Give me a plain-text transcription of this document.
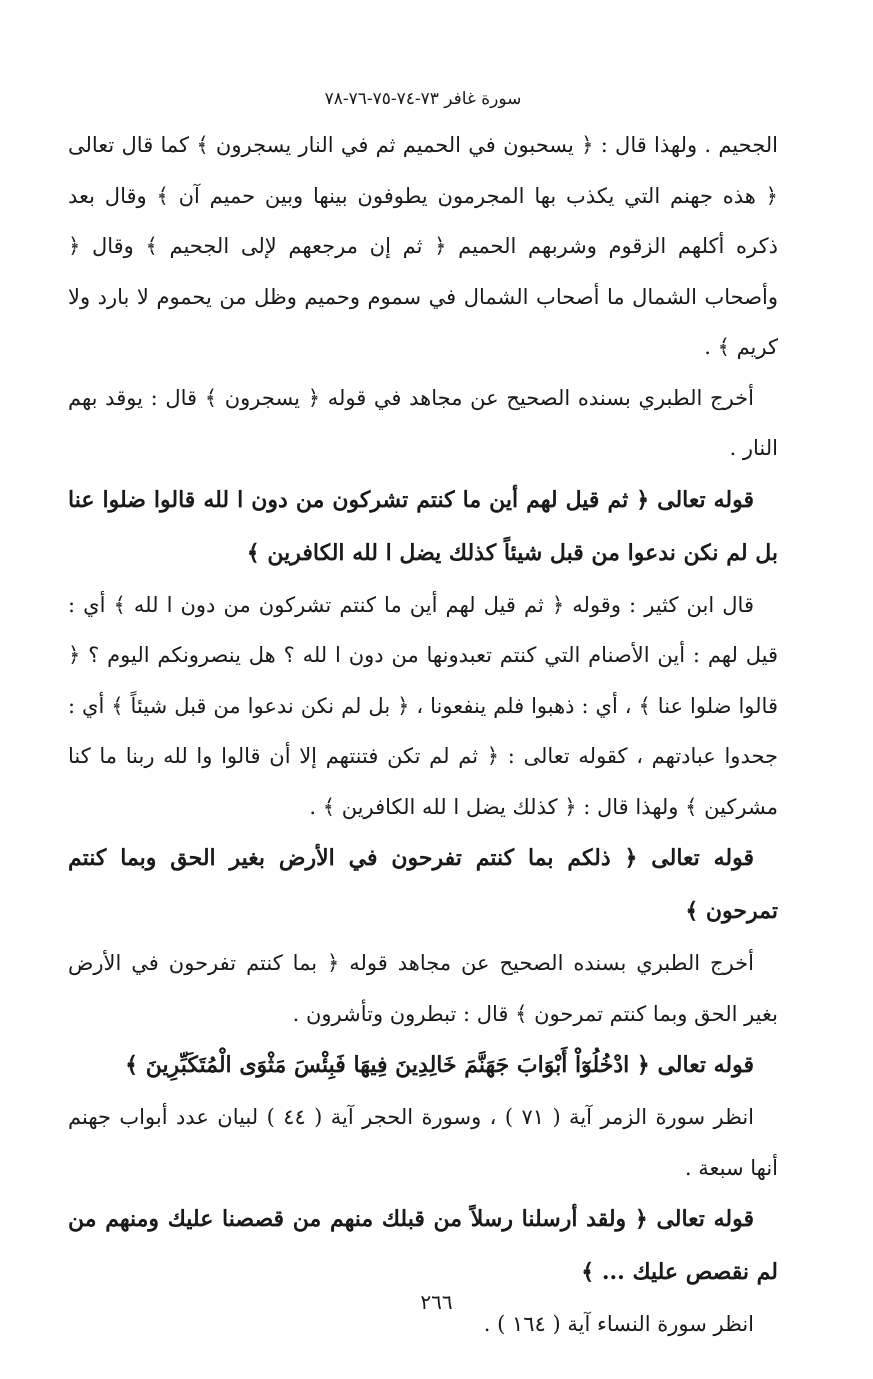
سورة غافر ٧٣-٧٤-٧٥-٧٦-٧٨

الجحيم . ولهذا قال : ﴿ يسحبون في الحميم ثم في النار يسجرون ﴾ كما قال تعالى ﴿ هذه جهنم التي يكذب بها المجرمون يطوفون بينها وبين حميم آن ﴾ وقال بعد ذكره أكلهم الزقوم وشربهم الحميم ﴿ ثم إن مرجعهم لإلى الجحيم ﴾ وقال ﴿ وأصحاب الشمال ما أصحاب الشمال في سموم وحميم وظل من يحموم لا بارد ولا كريم ﴾ .

أخرج الطبري بسنده الصحيح عن مجاهد في قوله ﴿ يسجرون ﴾ قال : يوقد بهم النار .

قوله تعالى ﴿ ثم قيل لهم أين ما كنتم تشركون من دون ا لله قالوا ضلوا عنا بل لم نكن ندعوا من قبل شيئاً كذلك يضل ا لله الكافرين ﴾

قال ابن كثير : وقوله ﴿ ثم قيل لهم أين ما كنتم تشركون من دون ا لله ﴾ أي : قيل لهم : أين الأصنام التي كنتم تعبدونها من دون ا لله ؟ هل ينصرونكم اليوم ؟ ﴿ قالوا ضلوا عنا ﴾ ، أي : ذهبوا فلم ينفعونا ، ﴿ بل لم نكن ندعوا من قبل شيئاً ﴾ أي : جحدوا عبادتهم ، كقوله تعالى : ﴿ ثم لم تكن فتنتهم إلا أن قالوا وا لله ربنا ما كنا مشركين ﴾ ولهذا قال : ﴿ كذلك يضل ا لله الكافرين ﴾ .

قوله تعالى ﴿ ذلكم بما كنتم تفرحون في الأرض بغير الحق وبما كنتم تمرحون ﴾

أخرج الطبري بسنده الصحيح عن مجاهد قوله ﴿ بما كنتم تفرحون في الأرض بغير الحق وبما كنتم تمرحون ﴾ قال : تبطرون وتأشرون .

قوله تعالى ﴿ ادْخُلُوٓاْ أَبْوَابَ جَهَنَّمَ خَالِدِينَ فِيهَا فَبِئْسَ مَثْوَى الْمُتَكَبِّرِينَ ﴾

انظر سورة الزمر آية ( ٧١ ) ، وسورة الحجر آية ( ٤٤ ) لبيان عدد أبواب جهنم أنها سبعة .

قوله تعالى ﴿ ولقد أرسلنا رسلاً من قبلك منهم من قصصنا عليك ومنهم من لم نقصص عليك ... ﴾

انظر سورة النساء آية ( ١٦٤ ) .

٢٦٦
